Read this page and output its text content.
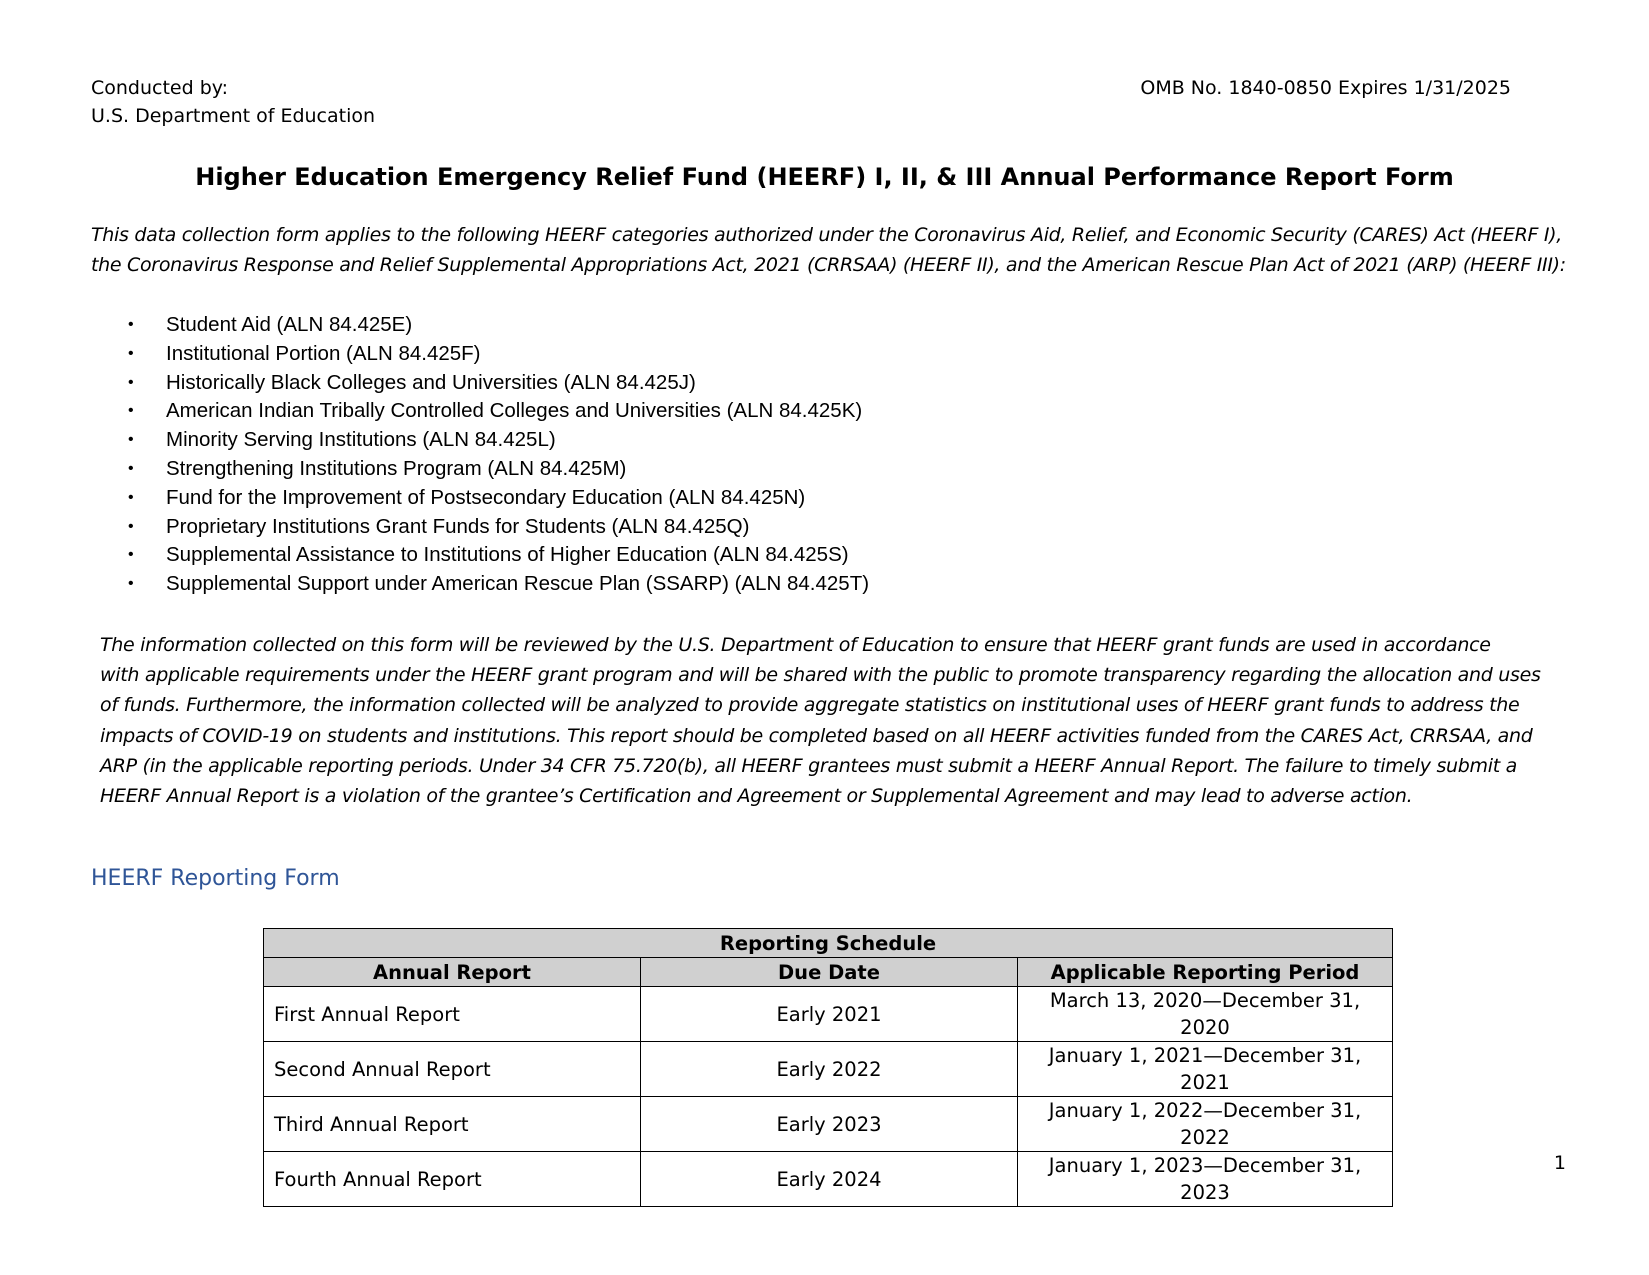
Conducted by:
U.S. Department of Education
OMB No. 1840-0850 Expires 1/31/2025
Higher Education Emergency Relief Fund (HEERF) I, II, & III Annual Performance Report Form
This data collection form applies to the following HEERF categories authorized under the Coronavirus Aid, Relief, and Economic Security (CARES) Act (HEERF I),
the Coronavirus Response and Relief Supplemental Appropriations Act, 2021 (CRRSAA) (HEERF II), and the American Rescue Plan Act of 2021 (ARP) (HEERF III):
• Student Aid (ALN 84.425E)
• Institutional Portion (ALN 84.425F)
• Historically Black Colleges and Universities (ALN 84.425J)
• American Indian Tribally Controlled Colleges and Universities (ALN 84.425K)
• Minority Serving Institutions (ALN 84.425L)
• Strengthening Institutions Program (ALN 84.425M)
• Fund for the Improvement of Postsecondary Education (ALN 84.425N)
• Proprietary Institutions Grant Funds for Students (ALN 84.425Q)
• Supplemental Assistance to Institutions of Higher Education (ALN 84.425S)
• Supplemental Support under American Rescue Plan (SSARP) (ALN 84.425T)
The information collected on this form will be reviewed by the U.S. Department of Education to ensure that HEERF grant funds are used in accordance
with applicable requirements under the HEERF grant program and will be shared with the public to promote transparency regarding the allocation and uses
of funds. Furthermore, the information collected will be analyzed to provide aggregate statistics on institutional uses of HEERF grant funds to address the
impacts of COVID-19 on students and institutions. This report should be completed based on all HEERF activities funded from the CARES Act, CRRSAA, and
ARP (in the applicable reporting periods. Under 34 CFR 75.720(b), all HEERF grantees must submit a HEERF Annual Report. The failure to timely submit a
HEERF Annual Report is a violation of the grantee’s Certification and Agreement or Supplemental Agreement and may lead to adverse action.
HEERF Reporting Form
Reporting Schedule		
Annual Report	Due Date	Applicable Reporting Period
First Annual Report	Early 2021	March 13, 2020—December 31, 2020
Second Annual Report	Early 2022	January 1, 2021—December 31, 2021
Third Annual Report	Early 2023	January 1, 2022—December 31, 2022
Fourth Annual Report	Early 2024	January 1, 2023—December 31, 2023
1
